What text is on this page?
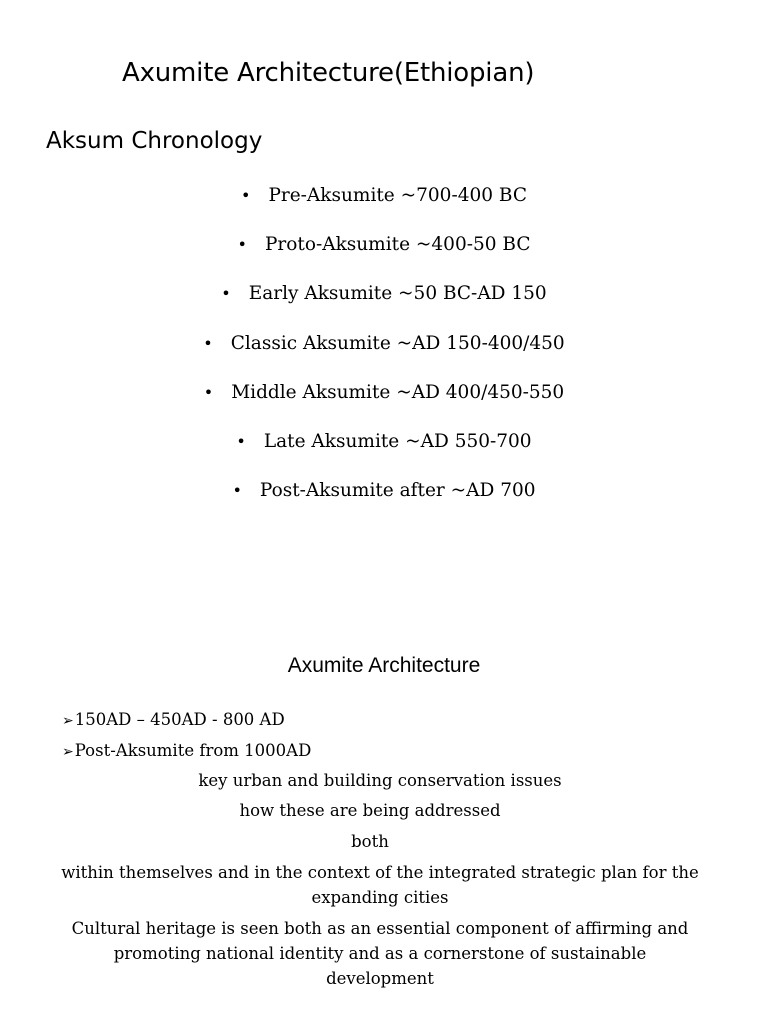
Axumite Architecture(Ethiopian)
Aksum Chronology
• Pre-Aksumite ~700-400 BC
• Proto-Aksumite ~400-50 BC
• Early Aksumite ~50 BC-AD 150
• Classic Aksumite ~AD 150-400/450
• Middle Aksumite ~AD 400/450-550
• Late Aksumite ~AD 550-700
• Post-Aksumite after ~AD 700
Axumite Architecture
➢150AD – 450AD - 800 AD
➢Post-Aksumite from 1000AD

key urban and building conservation issues

how these are being addressed

both

within themselves and in the context of the integrated strategic plan for the expanding cities

Cultural heritage is seen both as an essential component of affirming and promoting national identity and as a cornerstone of sustainable development
